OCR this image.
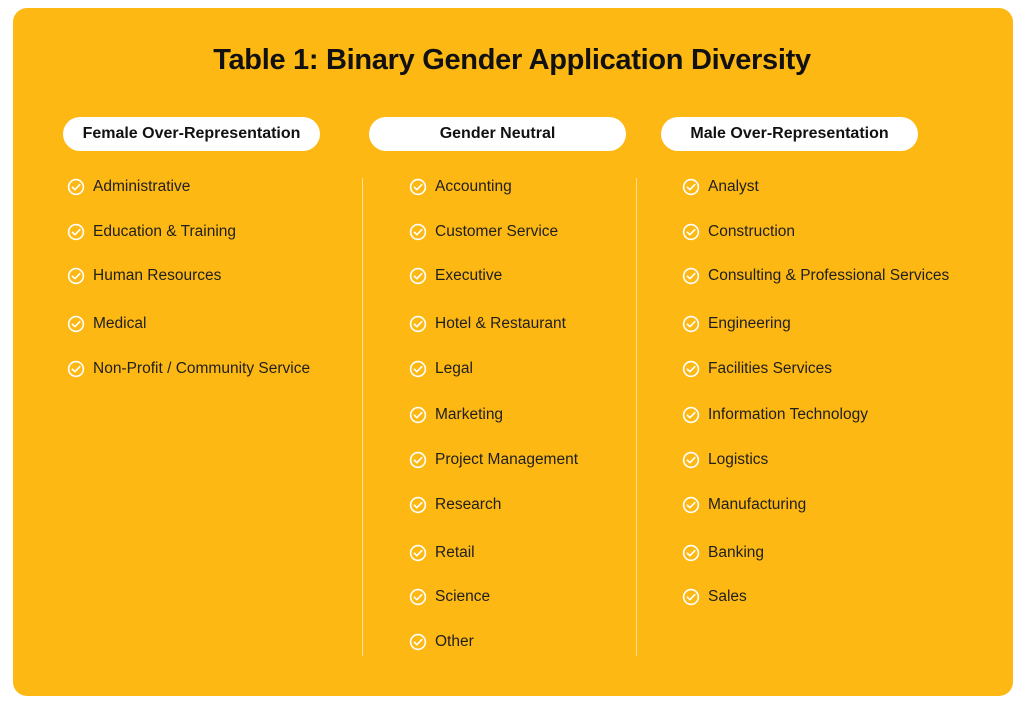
Table 1: Binary Gender Application Diversity
Female Over-Representation	Gender Neutral	Male Over-Representation
Administrative
Education & Training
Human Resources
Medical
Non-Profit / Community Service
Accounting
Customer Service
Executive
Hotel & Restaurant
Legal
Marketing
Project Management
Research
Retail
Science
Other
Analyst
Construction
Consulting & Professional Services
Engineering
Facilities Services
Information Technology
Logistics
Manufacturing
Banking
Sales
